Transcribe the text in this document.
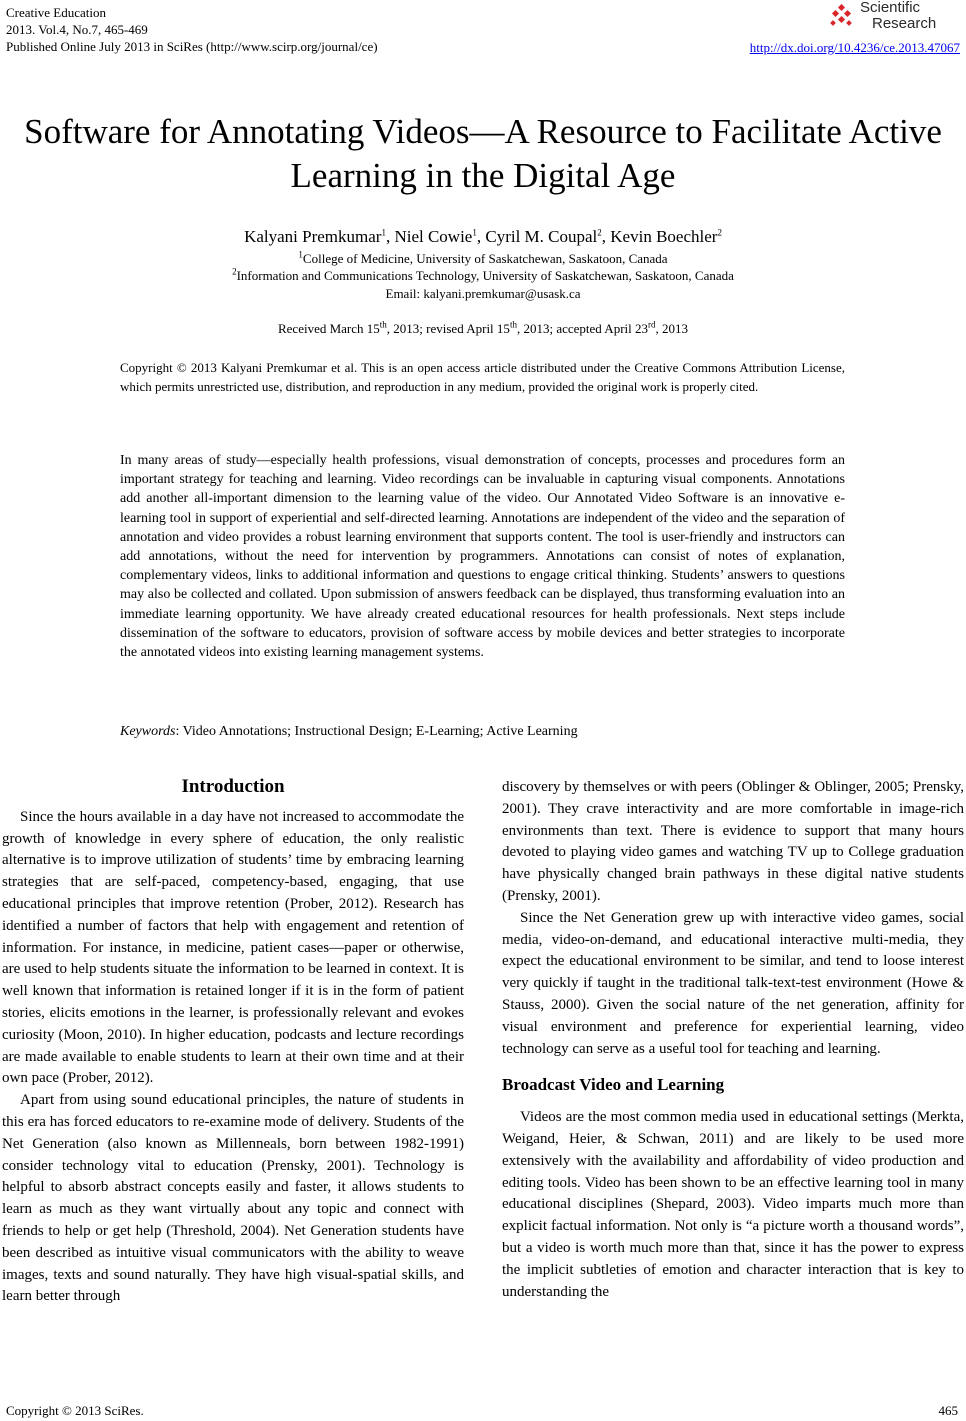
Creative Education
2013. Vol.4, No.7, 465-469
Published Online July 2013 in SciRes (http://www.scirp.org/journal/ce)
Scientific
Research
http://dx.doi.org/10.4236/ce.2013.47067
Software for Annotating Videos—A Resource to Facilitate Active Learning in the Digital Age
Kalyani Premkumar$^1$, Niel Cowie$^1$, Cyril M. Coupal$^2$, Kevin Boechler$^2$
$^1$College of Medicine, University of Saskatchewan, Saskatoon, Canada
$^2$Information and Communications Technology, University of Saskatchewan, Saskatoon, Canada
Email: kalyani.premkumar@usask.ca
Received March 15th, 2013; revised April 15th, 2013; accepted April 23rd, 2013
Copyright © 2013 Kalyani Premkumar et al. This is an open access article distributed under the Creative Commons Attribution License, which permits unrestricted use, distribution, and reproduction in any medium, provided the original work is properly cited.
In many areas of study—especially health professions, visual demonstration of concepts, processes and procedures form an important strategy for teaching and learning. Video recordings can be invaluable in capturing visual components. Annotations add another all-important dimension to the learning value of the video. Our Annotated Video Software is an innovative e-learning tool in support of experiential and self-directed learning. Annotations are independent of the video and the separation of annotation and video provides a robust learning environment that supports content. The tool is user-friendly and instructors can add annotations, without the need for intervention by programmers. Annotations can consist of notes of explanation, complementary videos, links to additional information and questions to engage critical thinking. Students’ answers to questions may also be collected and collated. Upon submission of answers feedback can be displayed, thus transforming evaluation into an immediate learning opportunity. We have already created educational resources for health professionals. Next steps include dissemination of the software to educators, provision of software access by mobile devices and better strategies to incorporate the annotated videos into existing learning management systems.
Keywords: Video Annotations; Instructional Design; E-Learning; Active Learning
Introduction

Since the hours available in a day have not increased to accommodate the growth of knowledge in every sphere of education, the only realistic alternative is to improve utilization of students’ time by embracing learning strategies that are self-paced, competency-based, engaging, that use educational principles that improve retention (Prober, 2012). Research has identified a number of factors that help with engagement and retention of information. For instance, in medicine, patient cases—paper or otherwise, are used to help students situate the information to be learned in context. It is well known that information is retained longer if it is in the form of patient stories, elicits emotions in the learner, is professionally relevant and evokes curiosity (Moon, 2010). In higher education, podcasts and lecture recordings are made available to enable students to learn at their own time and at their own pace (Prober, 2012).

Apart from using sound educational principles, the nature of students in this era has forced educators to re-examine mode of delivery. Students of the Net Generation (also known as Millenneals, born between 1982-1991) consider technology vital to education (Prensky, 2001). Technology is helpful to absorb abstract concepts easily and faster, it allows students to learn as much as they want virtually about any topic and connect with friends to help or get help (Threshold, 2004). Net Generation students have been described as intuitive visual communicators with the ability to weave images, texts and sound naturally. They have high visual-spatial skills, and learn better through

discovery by themselves or with peers (Oblinger & Oblinger, 2005; Prensky, 2001). They crave interactivity and are more comfortable in image-rich environments than text. There is evidence to support that many hours devoted to playing video games and watching TV up to College graduation have physically changed brain pathways in these digital native students (Prensky, 2001).

Since the Net Generation grew up with interactive video games, social media, video-on-demand, and educational interactive multi-media, they expect the educational environment to be similar, and tend to loose interest very quickly if taught in the traditional talk-text-test environment (Howe & Stauss, 2000). Given the social nature of the net generation, affinity for visual environment and preference for experiential learning, video technology can serve as a useful tool for teaching and learning.

Broadcast Video and Learning

Videos are the most common media used in educational settings (Merkta, Weigand, Heier, & Schwan, 2011) and are likely to be used more extensively with the availability and affordability of video production and editing tools. Video has been shown to be an effective learning tool in many educational disciplines (Shepard, 2003). Video imparts much more than explicit factual information. Not only is “a picture worth a thousand words”, but a video is worth much more than that, since it has the power to express the implicit subtleties of emotion and character interaction that is key to understanding the

Copyright © 2013 SciRes.	465
